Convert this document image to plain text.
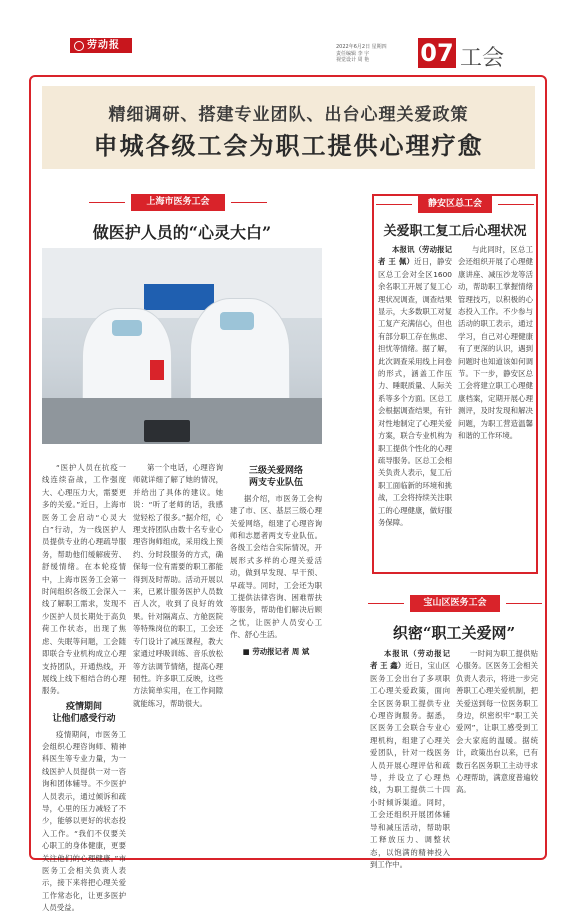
劳动报	2022年6月2日 星期四
责任编辑 李 宇
视觉设计 周 艳	07 工会
精细调研、搭建专业团队、出台心理关爱政策
申城各级工会为职工提供心理疗愈
上海市医务工会
做医护人员的“心灵大白”

“医护人员在抗疫一线连续奋战，工作强度大、心理压力大，需要更多的关爱。”近日，上海市医务工会启动“心灵大白”行动，为一线医护人员提供专业的心理疏导服务，帮助他们缓解疲劳、舒缓情绪。在本轮疫情中，上海市医务工会第一时间组织各级工会深入一线了解职工需求，发现不少医护人员长期处于高负荷工作状态，出现了焦虑、失眠等问题，工会随即联合专业机构成立心理支持团队，开通热线，开展线上线下相结合的心理服务。

疫情期间
让他们感受行动

疫情期间，市医务工会组织心理咨询师、精神科医生等专业力量，为一线医护人员提供一对一咨询和团体辅导。不少医护人员表示，通过倾诉和疏导，心里的压力减轻了不少，能够以更好的状态投入工作。“我们不仅要关心职工的身体健康，更要关注他们的心理健康。”市医务工会相关负责人表示，接下来将把心理关爱工作常态化，让更多医护人员受益。

第一个电话，心理咨询师就详细了解了她的情况，并给出了具体的建议。她说：“听了老师的话，我感觉轻松了很多。”据介绍，心理支持团队由数十名专业心理咨询师组成，采用线上预约、分时段服务的方式，确保每一位有需要的职工都能得到及时帮助。活动开展以来，已累计服务医护人员数百人次，收到了良好的效果。针对隔离点、方舱医院等特殊岗位的职工，工会还专门设计了减压课程，教大家通过呼吸训练、音乐放松等方法调节情绪，提高心理韧性。许多职工反映，这些方法简单实用，在工作间隙就能练习，帮助很大。

三级关爱网络
两支专业队伍

据介绍，市医务工会构建了市、区、基层三级心理关爱网络，组建了心理咨询师和志愿者两支专业队伍。各级工会结合实际情况，开展形式多样的心理关爱活动，做到早发现、早干预、早疏导。同时，工会还为职工提供法律咨询、困难帮扶等服务，帮助他们解决后顾之忧，让医护人员安心工作、舒心生活。

■ 劳动报记者 周 斌

静安区总工会
关爱职工复工后心理状况

本报讯（劳动报记者 王 佩）近日，静安区总工会对全区1600余名职工开展了复工心理状况调查，调查结果显示，大多数职工对复工复产充满信心，但也有部分职工存在焦虑、担忧等情绪。据了解，此次调查采用线上问卷的形式，涵盖工作压力、睡眠质量、人际关系等多个方面。区总工会根据调查结果，有针对性地制定了心理关爱方案，联合专业机构为职工提供个性化的心理疏导服务。区总工会相关负责人表示，复工后职工面临新的环境和挑战，工会将持续关注职工的心理健康，做好服务保障。

与此同时，区总工会还组织开展了心理健康讲座、减压沙龙等活动，帮助职工掌握情绪管理技巧，以积极的心态投入工作。不少参与活动的职工表示，通过学习，自己对心理健康有了更深的认识，遇到问题时也知道该如何调节。下一步，静安区总工会将建立职工心理健康档案，定期开展心理测评，及时发现和解决问题，为职工营造温馨和谐的工作环境。

宝山区医务工会
织密“职工关爱网”

本报讯（劳动报记者 王 鑫）近日，宝山区医务工会出台了多项职工心理关爱政策，面向全区医务职工提供专业心理咨询服务。据悉，区医务工会联合专业心理机构，组建了心理关爱团队，针对一线医务人员开展心理评估和疏导，并设立了心理热线，为职工提供二十四小时倾诉渠道。同时，工会还组织开展团体辅导和减压活动，帮助职工释放压力、调整状态，以饱满的精神投入到工作中。

一时间为职工提供贴心服务。区医务工会相关负责人表示，将进一步完善职工心理关爱机制，把关爱送到每一位医务职工身边，织密织牢“职工关爱网”，让职工感受到工会大家庭的温暖。据统计，政策出台以来，已有数百名医务职工主动寻求心理帮助，满意度普遍较高。
